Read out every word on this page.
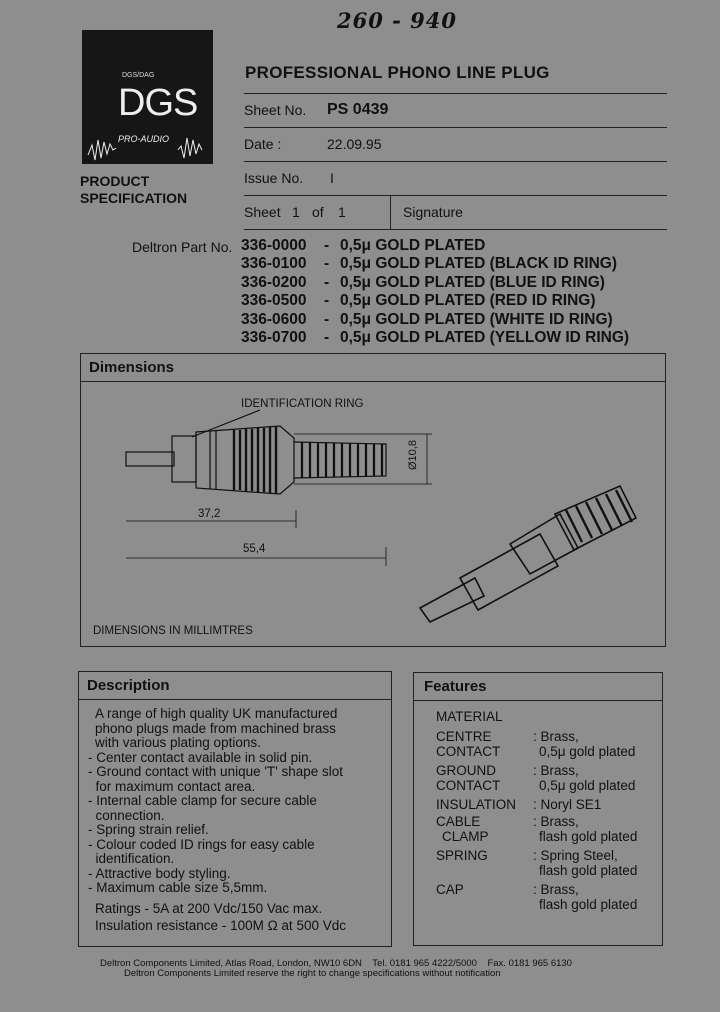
260 - 940
DGS/DAG
DGS
PRO-AUDIO
PRODUCT
SPECIFICATION
PROFESSIONAL PHONO LINE PLUG
Sheet No. PS 0439
Date :	22.09.95
Issue No. I
Sheet 1 of 1	Signature
Deltron Part No. 336-0000 - 0,5μ GOLD PLATED
336-0100 - 0,5μ GOLD PLATED (BLACK ID RING)
336-0200 - 0,5μ GOLD PLATED (BLUE ID RING)
336-0500 - 0,5μ GOLD PLATED (RED ID RING)
336-0600 - 0,5μ GOLD PLATED (WHITE ID RING)
336-0700 - 0,5μ GOLD PLATED (YELLOW ID RING)
Dimensions
IDENTIFICATION RING
37,2
55,4
Ø10,8
DIMENSIONS IN MILLIMTRES
Description
A range of high quality UK manufactured
phono plugs made from machined brass
with various plating options.
- Center contact available in solid pin.
- Ground contact with unique 'T' shape slot
for maximum contact area.
- Internal cable clamp for secure cable
connection.
- Spring strain relief.
- Colour coded ID rings for easy cable
identification.
- Attractive body styling.
- Maximum cable size 5,5mm.
Ratings - 5A at 200 Vdc/150 Vac max.
Insulation resistance - 100M Ω at 500 Vdc
Features
MATERIAL
CENTRE
CONTACT
: Brass,
0,5μ gold plated
GROUND
CONTACT
: Brass,
0,5μ gold plated
INSULATION	: Noryl SE1
CABLE
CLAMP
: Brass,
flash gold plated
SPRING	: Spring Steel,
flash gold plated
CAP	: Brass,
flash gold plated
Deltron Components Limited, Atlas Road, London, NW10 6DN    Tel. 0181 965 4222/5000    Fax. 0181 965 6130
Deltron Components Limited reserve the right to change specifications without notification
